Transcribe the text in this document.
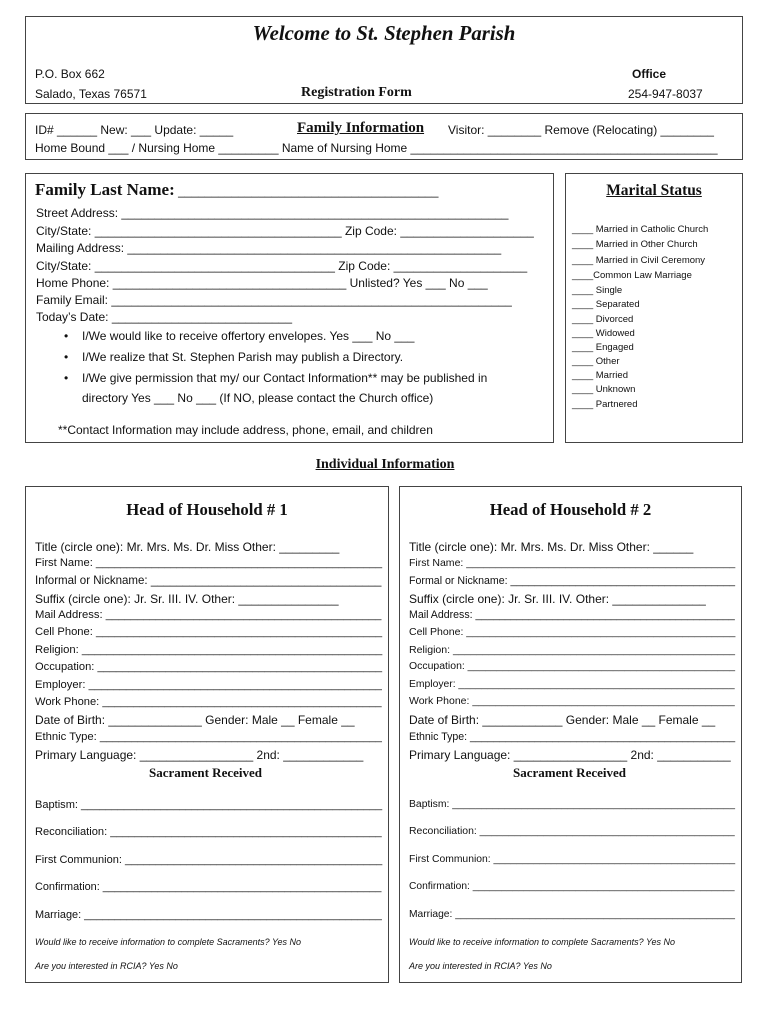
Welcome to St. Stephen Parish
P.O. Box 662
Salado, Texas 76571	Registration Form
Office
254-947-8037
ID# ______ New: ___ Update: _____	Family Information Visitor: ________ Remove (Relocating) ________
Home Bound ___ / Nursing Home _________ Name of Nursing Home ______________________________________________
Family Last Name: _______________________________________
Street Address: __________________________________________________________
City/State: _____________________________________ Zip Code: ____________________
Mailing Address: ________________________________________________________
City/State: ____________________________________ Zip Code: ____________________
Home Phone: ___________________________________ Unlisted? Yes ___ No ___
Family Email: ____________________________________________________________
Today’s Date: ___________________________
• I/We would like to receive offertory envelopes. Yes ___ No ___
• I/We realize that St. Stephen Parish may publish a Directory.
• I/We give permission that my/ our Contact Information** may be published in
directory Yes ___ No ___ (If NO, please contact the Church office)
**Contact Information may include address, phone, email, and children
Marital Status
____ Married in Catholic Church
____ Married in Other Church
____ Married in Civil Ceremony
____Common Law Marriage
____ Single
____ Separated
____ Divorced
____ Widowed
____ Engaged
____ Other
____ Married
____ Unknown
____ Partnered
Individual Information
Head of Household # 1
Title (circle one): Mr. Mrs. Ms. Dr. Miss Other: _________
First Name: ______________________________________________
Informal or Nickname: ____________________________________
Suffix (circle one): Jr. Sr. III. IV. Other: _______________
Mail Address: ____________________________________________
Cell Phone: ______________________________________________
Religion: ________________________________________________
Occupation: ______________________________________________
Employer: _______________________________________________
Work Phone: _____________________________________________
Date of Birth: ______________ Gender: Male __ Female __
Ethnic Type: _____________________________________________
Primary Language: _________________ 2nd: ____________
Sacrament Received
Baptism: _________________________________________________
Reconciliation: ____________________________________________
First Communion: __________________________________________
Confirmation: ______________________________________________
Marriage: _________________________________________________
Would like to receive information to complete Sacraments? Yes No
Are you interested in RCIA? Yes No
Head of Household # 2
Title (circle one): Mr. Mrs. Ms. Dr. Miss Other: ______
First Name: ______________________________________________
Formal or Nickname: ______________________________________
Suffix (circle one): Jr. Sr. III. IV. Other: ______________
Mail Address: ____________________________________________
Cell Phone: ______________________________________________
Religion: ________________________________________________
Occupation: ______________________________________________
Employer: ________________________________________________
Work Phone: _____________________________________________
Date of Birth: ____________ Gender: Male __ Female __
Ethnic Type: _____________________________________________
Primary Language: _________________ 2nd: ___________
Sacrament Received
Baptism: _________________________________________________
Reconciliation: ____________________________________________
First Communion: __________________________________________
Confirmation: ______________________________________________
Marriage: _________________________________________________
Would like to receive information to complete Sacraments? Yes No
Are you interested in RCIA? Yes No
